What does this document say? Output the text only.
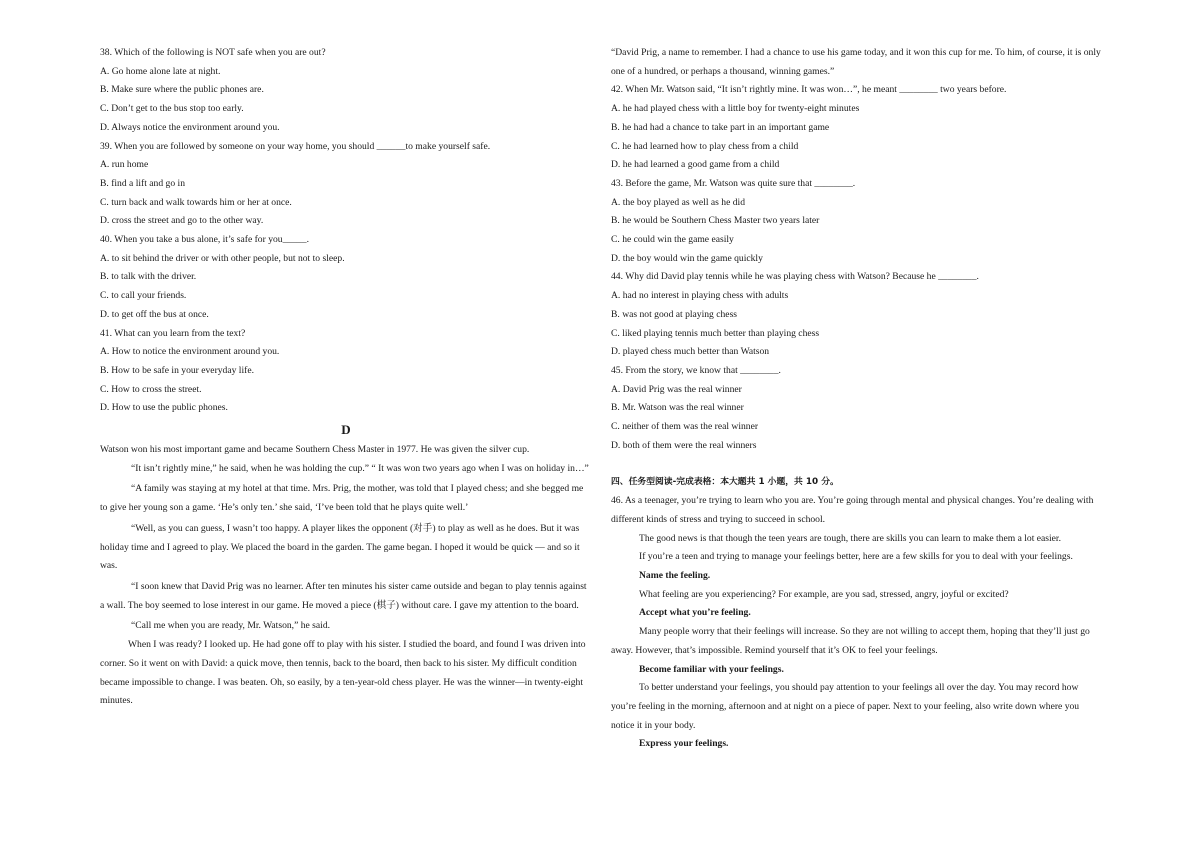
38. Which of the following is NOT safe when you are out?
A. Go home alone late at night.
B. Make sure where the public phones are.
C. Don’t get to the bus stop too early.
D. Always notice the environment around you.
39. When you are followed by someone on your way home, you should ______to make yourself safe.
A. run home
B. find a lift and go in
C. turn back and walk towards him or her at once.
D. cross the street and go to the other way.
40. When you take a bus alone, it’s safe for you_____.
A. to sit behind the driver or with other people, but not to sleep.
B. to talk with the driver.
C. to call your friends.
D. to get off the bus at once.
41. What can you learn from the text?
A. How to notice the environment around you.
B. How to be safe in your everyday life.
C. How to cross the street.
D. How to use the public phones.
D
Watson won his most important game and became Southern Chess Master in 1977. He was given the silver cup.
“It isn’t rightly mine,” he said, when he was holding the cup.” “ It was won two years ago when I was on holiday in…”
“A family was staying at my hotel at that time. Mrs. Prig, the mother, was told that I played chess; and she begged me to give her young son a game. ‘He’s only ten.’ she said, ‘I’ve been told that he plays quite well.’
“Well, as you can guess, I wasn’t too happy. A player likes the opponent (对手) to play as well as he does. But it was holiday time and I agreed to play. We placed the board in the garden. The game began. I hoped it would be quick — and so it was.
“I soon knew that David Prig was no learner. After ten minutes his sister came outside and began to play tennis against a wall. The boy seemed to lose interest in our game. He moved a piece (棋子) without care. I gave my attention to the board.
“Call me when you are ready, Mr. Watson,” he said.
When I was ready? I looked up. He had gone off to play with his sister. I studied the board, and found I was driven into corner. So it went on with David: a quick move, then tennis, back to the board, then back to his sister. My difficult condition became impossible to change. I was beaten. Oh, so easily, by a ten-year-old chess player. He was the winner—in twenty-eight minutes.
“David Prig, a name to remember. I had a chance to use his game today, and it won this cup for me. To him, of course, it is only one of a hundred, or perhaps a thousand, winning games.”
42. When Mr. Watson said, “It isn’t rightly mine. It was won…”, he meant ________ two years before.
A. he had played chess with a little boy for twenty-eight minutes
B. he had had a chance to take part in an important game
C. he had learned how to play chess from a child
D. he had learned a good game from a child
43. Before the game, Mr. Watson was quite sure that ________.
A. the boy played as well as he did
B. he would be Southern Chess Master two years later
C. he could win the game easily
D. the boy would win the game quickly
44. Why did David play tennis while he was playing chess with Watson? Because he ________.
A. had no interest in playing chess with adults
B. was not good at playing chess
C. liked playing tennis much better than playing chess
D. played chess much better than Watson
45. From the story, we know that ________.
A. David Prig was the real winner
B. Mr. Watson was the real winner
C. neither of them was the real winner
D. both of them were the real winners
四、任务型阅读-完成表格：本大题共 1 小题，共 10 分。
46. As a teenager, you’re trying to learn who you are. You’re going through mental and physical changes. You’re dealing with different kinds of stress and trying to succeed in school.
The good news is that though the teen years are tough, there are skills you can learn to make them a lot easier.
If you’re a teen and trying to manage your feelings better, here are a few skills for you to deal with your feelings.
Name the feeling.
What feeling are you experiencing? For example, are you sad, stressed, angry, joyful or excited?
Accept what you’re feeling.
Many people worry that their feelings will increase. So they are not willing to accept them, hoping that they’ll just go away. However, that’s impossible. Remind yourself that it’s OK to feel your feelings.
Become familiar with your feelings.
To better understand your feelings, you should pay attention to your feelings all over the day. You may record how you’re feeling in the morning, afternoon and at night on a piece of paper. Next to your feeling, also write down where you notice it in your body.
Express your feelings.
